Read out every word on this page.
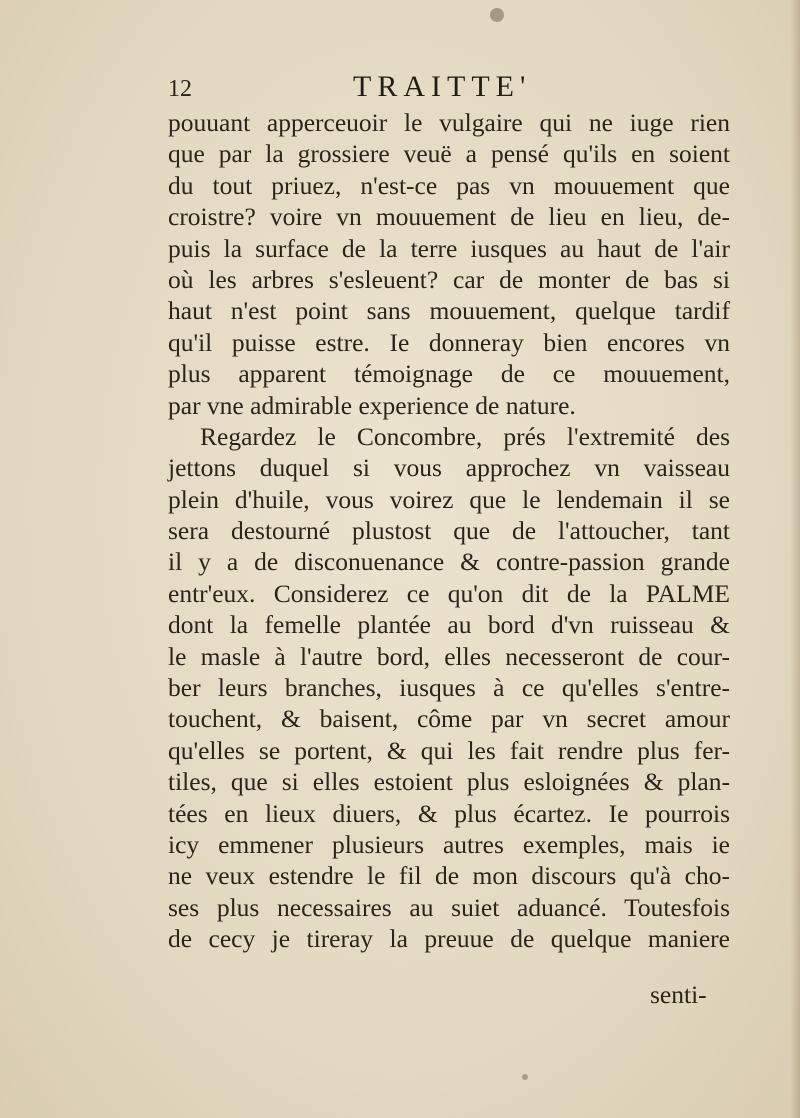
12	TRAITTE'
pouuant apperceuoir le vulgaire qui ne iuge rien
que par la grossiere veuë a pensé qu'ils en soient
du tout priuez, n'est-ce pas vn mouuement que
croistre? voire vn mouuement de lieu en lieu, de-
puis la surface de la terre iusques au haut de l'air
où les arbres s'esleuent? car de monter de bas si
haut n'est point sans mouuement, quelque tardif
qu'il puisse estre. Ie donneray bien encores vn
plus apparent témoignage de ce mouuement,
par vne admirable experience de nature.
Regardez le Concombre, prés l'extremité des
jettons duquel si vous approchez vn vaisseau
plein d'huile, vous voirez que le lendemain il se
sera destourné plustost que de l'attoucher, tant
il y a de disconuenance & contre-passion grande
entr'eux. Considerez ce qu'on dit de la PALME
dont la femelle plantée au bord d'vn ruisseau &
le masle à l'autre bord, elles necesseront de cour-
ber leurs branches, iusques à ce qu'elles s'entre-
touchent, & baisent, côme par vn secret amour
qu'elles se portent, & qui les fait rendre plus fer-
tiles, que si elles estoient plus esloignées & plan-
tées en lieux diuers, & plus écartez. Ie pourrois
icy emmener plusieurs autres exemples, mais ie
ne veux estendre le fil de mon discours qu'à cho-
ses plus necessaires au suiet aduancé. Toutesfois
de cecy je tireray la preuue de quelque maniere
senti-
